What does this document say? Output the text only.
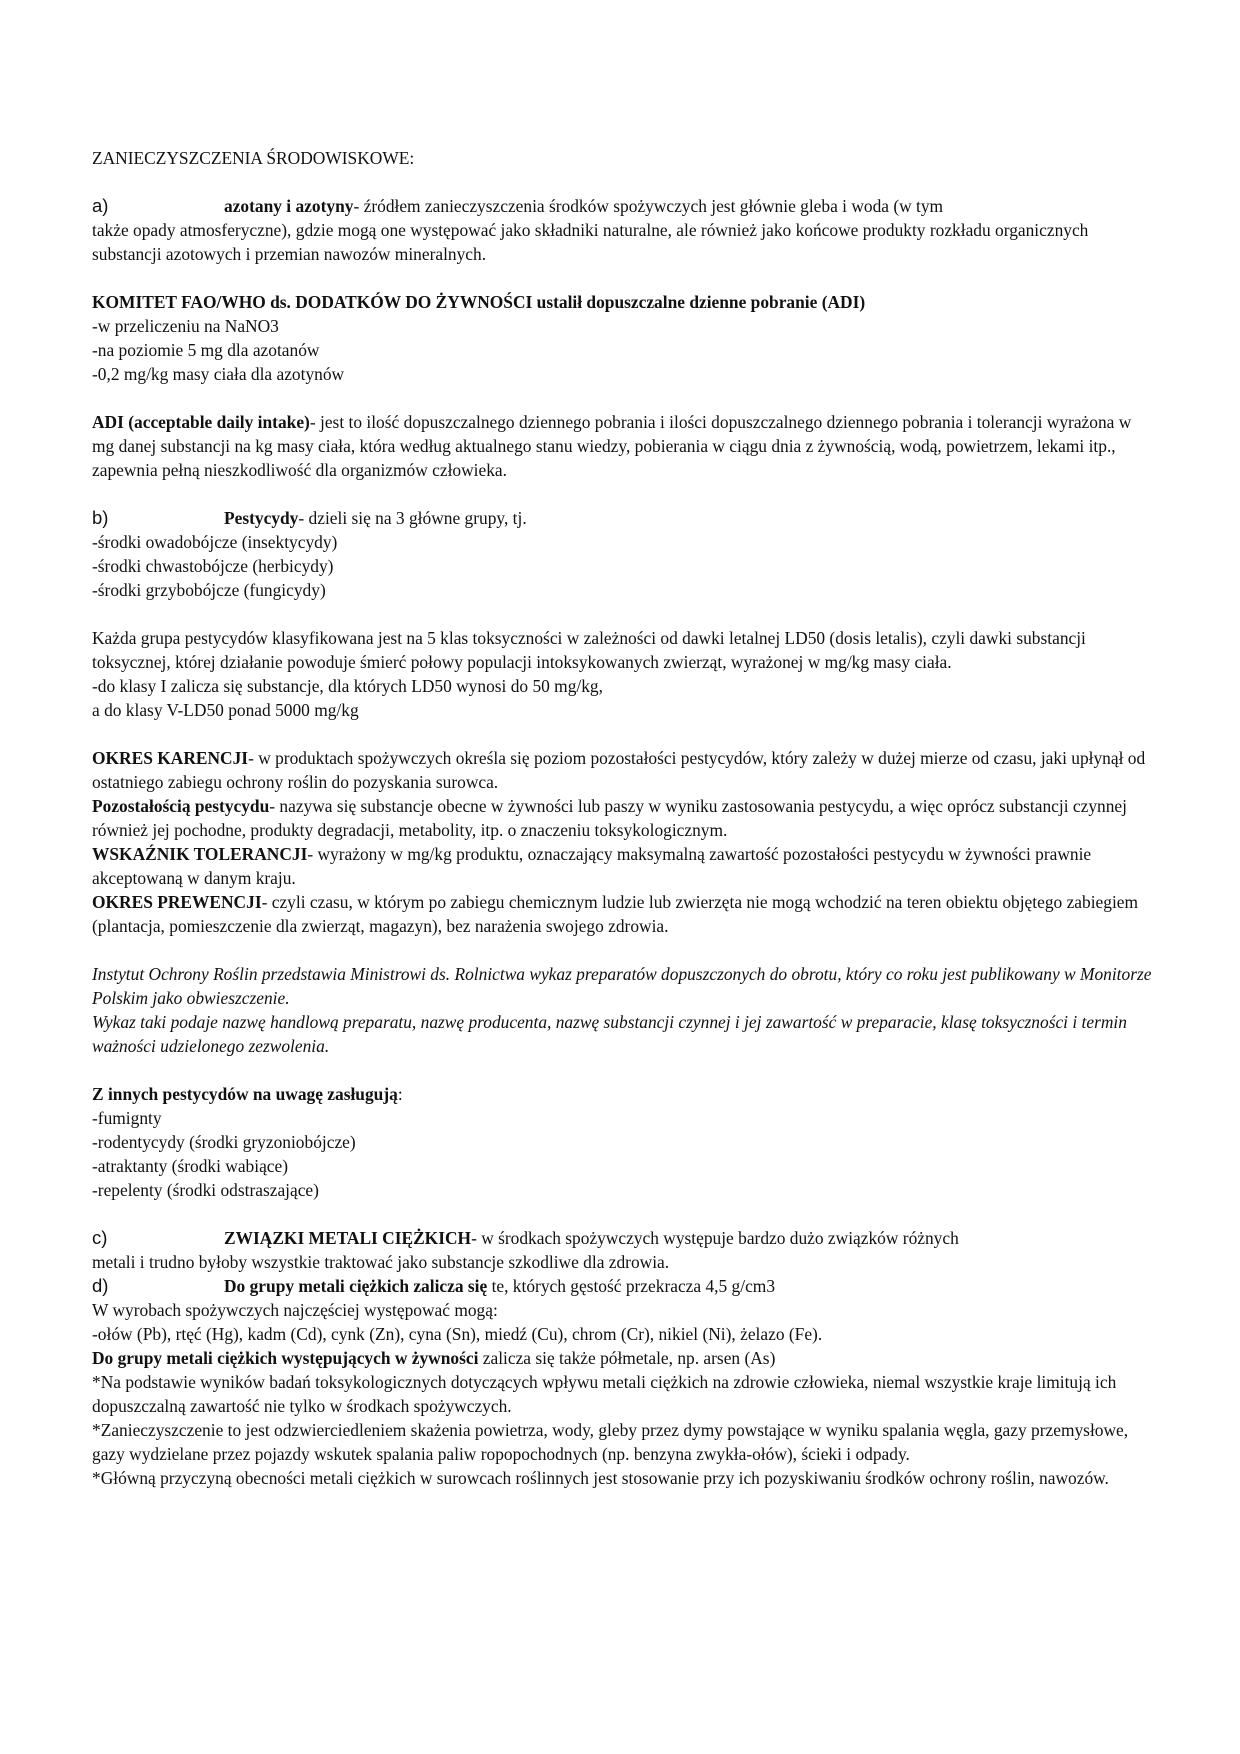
ZANIECZYSZCZENIA ŚRODOWISKOWE:

a)	azotany i azotyny- źródłem zanieczyszczenia środków spożywczych jest głównie gleba i woda (w tym

także opady atmosferyczne), gdzie mogą one występować jako składniki naturalne, ale również jako końcowe produkty rozkładu organicznych substancji azotowych i przemian nawozów mineralnych.

KOMITET FAO/WHO ds. DODATKÓW DO ŻYWNOŚCI ustalił dopuszczalne dzienne pobranie (ADI)

-w przeliczeniu na NaNO3

-na poziomie 5 mg dla azotanów

-0,2 mg/kg masy ciała dla azotynów

ADI (acceptable daily intake)- jest to ilość dopuszczalnego dziennego pobrania i ilości dopuszczalnego dziennego pobrania i tolerancji wyrażona w mg danej substancji na kg masy ciała, która według aktualnego stanu wiedzy, pobierania w ciągu dnia z żywnością, wodą, powietrzem, lekami itp., zapewnia pełną nieszkodliwość dla organizmów człowieka.

b)	Pestycydy- dzieli się na 3 główne grupy, tj.

-środki owadobójcze (insektycydy)

-środki chwastobójcze (herbicydy)

-środki grzybobójcze (fungicydy)

Każda grupa pestycydów klasyfikowana jest na 5 klas toksyczności w zależności od dawki letalnej LD50 (dosis letalis), czyli dawki substancji toksycznej, której działanie powoduje śmierć połowy populacji intoksykowanych zwierząt, wyrażonej w mg/kg masy ciała.

-do klasy I zalicza się substancje, dla których LD50 wynosi do 50 mg/kg,

a do klasy V-LD50 ponad 5000 mg/kg

OKRES KARENCJI- w produktach spożywczych określa się poziom pozostałości pestycydów, który zależy w dużej mierze od czasu, jaki upłynął od ostatniego zabiegu ochrony roślin do pozyskania surowca.

Pozostałością pestycydu- nazywa się substancje obecne w żywności lub paszy w wyniku zastosowania pestycydu, a więc oprócz substancji czynnej również jej pochodne, produkty degradacji, metabolity, itp. o znaczeniu toksykologicznym.

WSKAŹNIK TOLERANCJI- wyrażony w mg/kg produktu, oznaczający maksymalną zawartość pozostałości pestycydu w żywności prawnie akceptowaną w danym kraju.

OKRES PREWENCJI- czyli czasu, w którym po zabiegu chemicznym ludzie lub zwierzęta nie mogą wchodzić na teren obiektu objętego zabiegiem (plantacja, pomieszczenie dla zwierząt, magazyn), bez narażenia swojego zdrowia.

Instytut Ochrony Roślin przedstawia Ministrowi ds. Rolnictwa wykaz preparatów dopuszczonych do obrotu, który co roku jest publikowany w Monitorze Polskim jako obwieszczenie.

Wykaz taki podaje nazwę handlową preparatu, nazwę producenta, nazwę substancji czynnej i jej zawartość w preparacie, klasę toksyczności i termin ważności udzielonego zezwolenia.

Z innych pestycydów na uwagę zasługują:

-fumignty

-rodentycydy (środki gryzoniobójcze)

-atraktanty (środki wabiące)

-repelenty (środki odstraszające)

c)	ZWIĄZKI METALI CIĘŻKICH- w środkach spożywczych występuje bardzo dużo związków różnych

metali i trudno byłoby wszystkie traktować jako substancje szkodliwe dla zdrowia.

d)	Do grupy metali ciężkich zalicza się te, których gęstość przekracza 4,5 g/cm3

W wyrobach spożywczych najczęściej występować mogą:

-ołów (Pb), rtęć (Hg), kadm (Cd), cynk (Zn), cyna (Sn), miedź (Cu), chrom (Cr), nikiel (Ni), żelazo (Fe).

Do grupy metali ciężkich występujących w żywności zalicza się także półmetale, np. arsen (As)

*Na podstawie wyników badań toksykologicznych dotyczących wpływu metali ciężkich na zdrowie człowieka, niemal wszystkie kraje limitują ich dopuszczalną zawartość nie tylko w środkach spożywczych.

*Zanieczyszczenie to jest odzwierciedleniem skażenia powietrza, wody, gleby przez dymy powstające w wyniku spalania węgla, gazy przemysłowe, gazy wydzielane przez pojazdy wskutek spalania paliw ropopochodnych (np. benzyna zwykła-ołów), ścieki i odpady.

*Główną przyczyną obecności metali ciężkich w surowcach roślinnych jest stosowanie przy ich pozyskiwaniu środków ochrony roślin, nawozów.
